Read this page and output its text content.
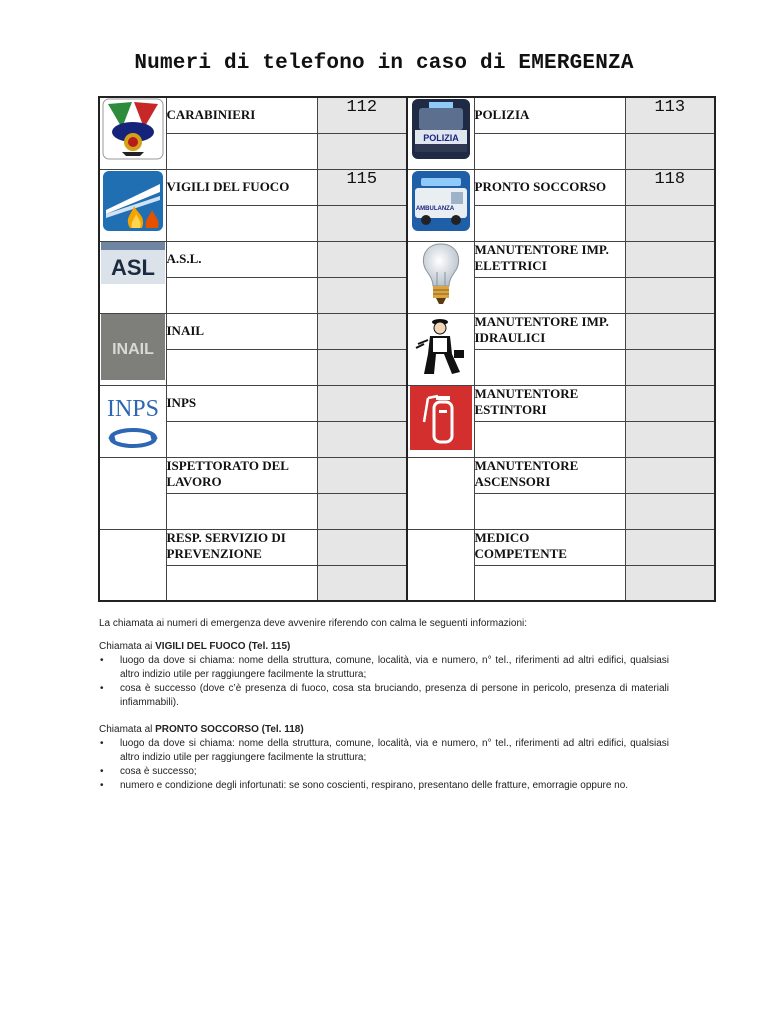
Numeri di telefono in caso di EMERGENZA
	CARABINIERI	112	POLIZIA	POLIZIA	113

	VIGILI DEL FUOCO	115	AMBULANZA	PRONTO SOCCORSO	118

ASL	A.S.L.			MANUTENTORE IMP. ELETTRICI	

INAIL	INAIL			MANUTENTORE IMP. IDRAULICI	

INPS	INPS			MANUTENTORE ESTINTORI	

	ISPETTORATO DEL LAVORO			MANUTENTORE ASCENSORI	

	RESP. SERVIZIO DI PREVENZIONE			MEDICO COMPETENTE	

La chiamata ai numeri di emergenza deve avvenire riferendo con calma le seguenti informazioni:

Chiamata ai VIGILI DEL FUOCO (Tel. 115)

• luogo da dove si chiama: nome della struttura, comune, località, via e numero, n° tel., riferimenti ad altri edifici, qualsiasi altro indizio utile per raggiungere facilmente la struttura;
• cosa è successo (dove c’è presenza di fuoco, cosa sta bruciando, presenza di persone in pericolo, presenza di materiali infiammabili).

Chiamata al PRONTO SOCCORSO (Tel. 118)

• luogo da dove si chiama: nome della struttura, comune, località, via e numero, n° tel., riferimenti ad altri edifici, qualsiasi altro indizio utile per raggiungere facilmente la struttura;
• cosa è successo;
• numero e condizione degli infortunati: se sono coscienti, respirano, presentano delle fratture, emorragie oppure no.
